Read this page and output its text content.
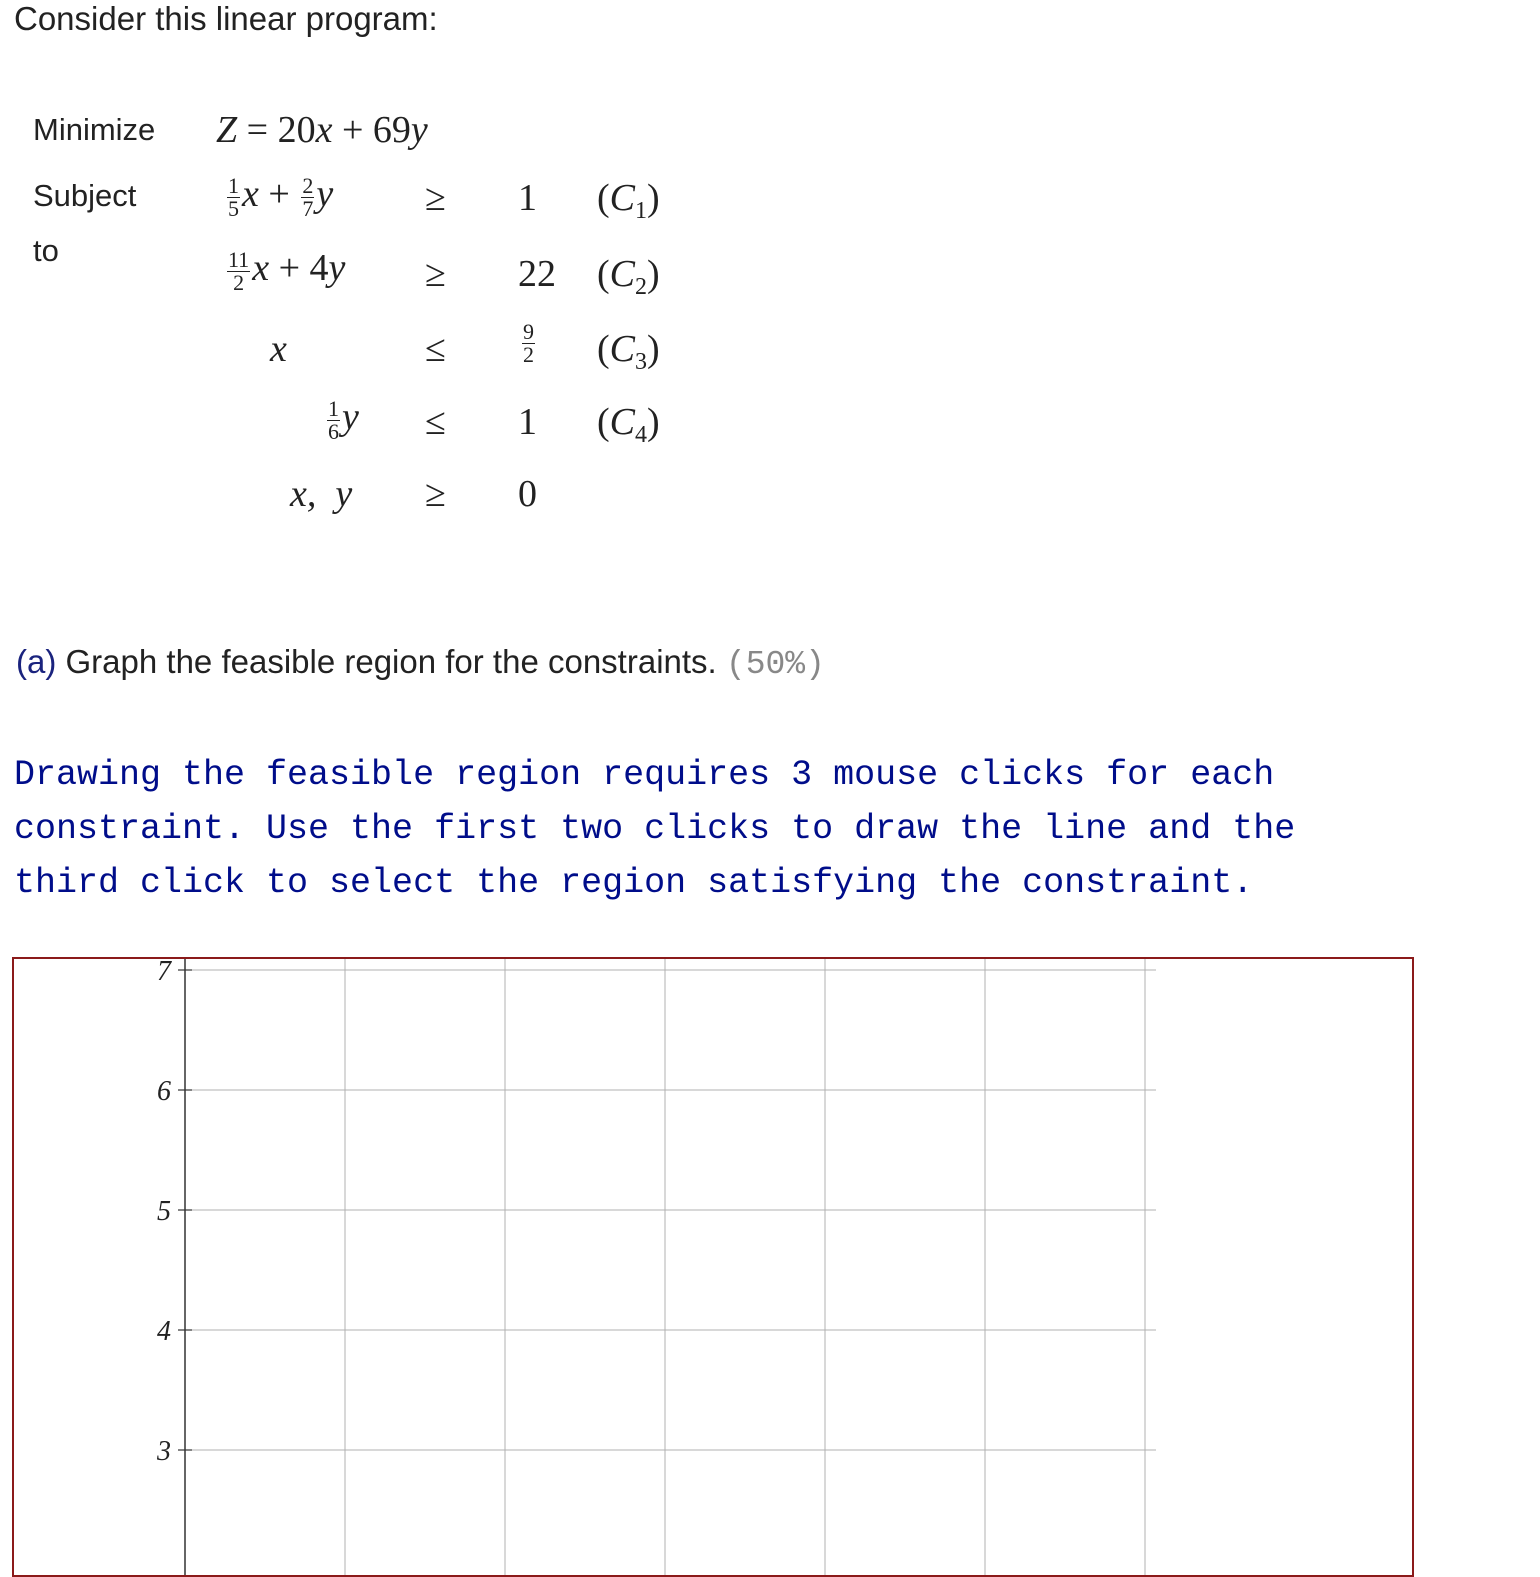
Consider this linear program:
Minimize
Subject
to
Z = 20x + 69y
$\frac{1}{5}$ $x + \frac{2}{7}$ y ≥ 1 $(C_1)$
$\frac{11}{2}$ x + 4y ≥ 22 $(C_2)$
x	≤	$\frac{9}{2} (C_3)$
$\frac{1}{6}$ y ≤ 1 $(C_4)$
x,  y ≥ 0
(a) Graph the feasible region for the constraints. (50%)
Drawing the feasible region requires 3 mouse clicks for each constraint. Use the first two clicks to draw the line and the third click to select the region satisfying the constraint.
7
6
5
4
3
